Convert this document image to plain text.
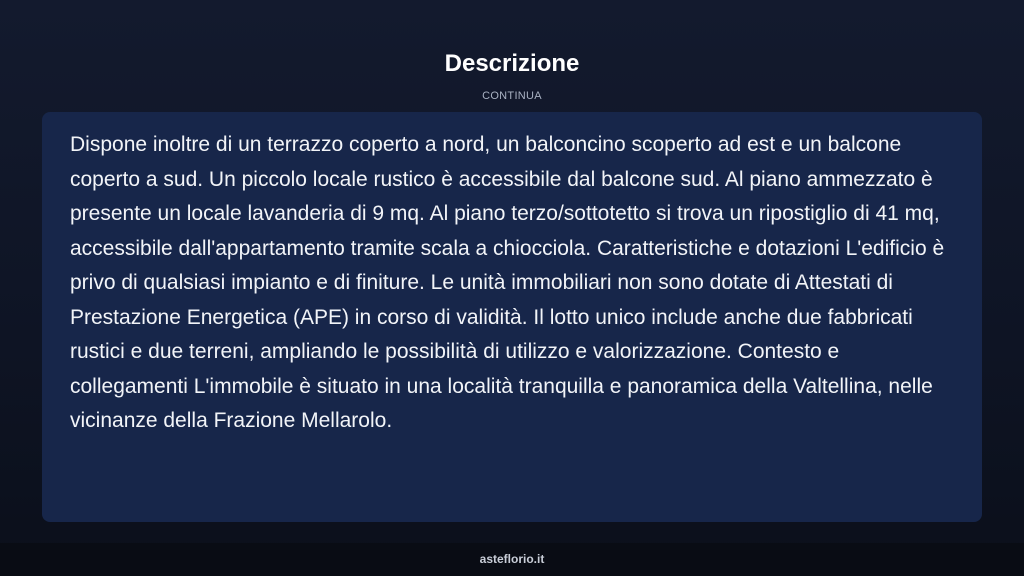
Descrizione
CONTINUA

Dispone inoltre di un terrazzo coperto a nord, un balconcino scoperto ad est e un balcone coperto a sud. Un piccolo locale rustico è accessibile dal balcone sud. Al piano ammezzato è presente un locale lavanderia di 9 mq. Al piano terzo/sottotetto si trova un ripostiglio di 41 mq, accessibile dall'appartamento tramite scala a chiocciola. Caratteristiche e dotazioni L'edificio è privo di qualsiasi impianto e di finiture. Le unità immobiliari non sono dotate di Attestati di Prestazione Energetica (APE) in corso di validità. Il lotto unico include anche due fabbricati rustici e due terreni, ampliando le possibilità di utilizzo e valorizzazione. Contesto e collegamenti L'immobile è situato in una località tranquilla e panoramica della Valtellina, nelle vicinanze della Frazione Mellarolo.

asteflorio.it
